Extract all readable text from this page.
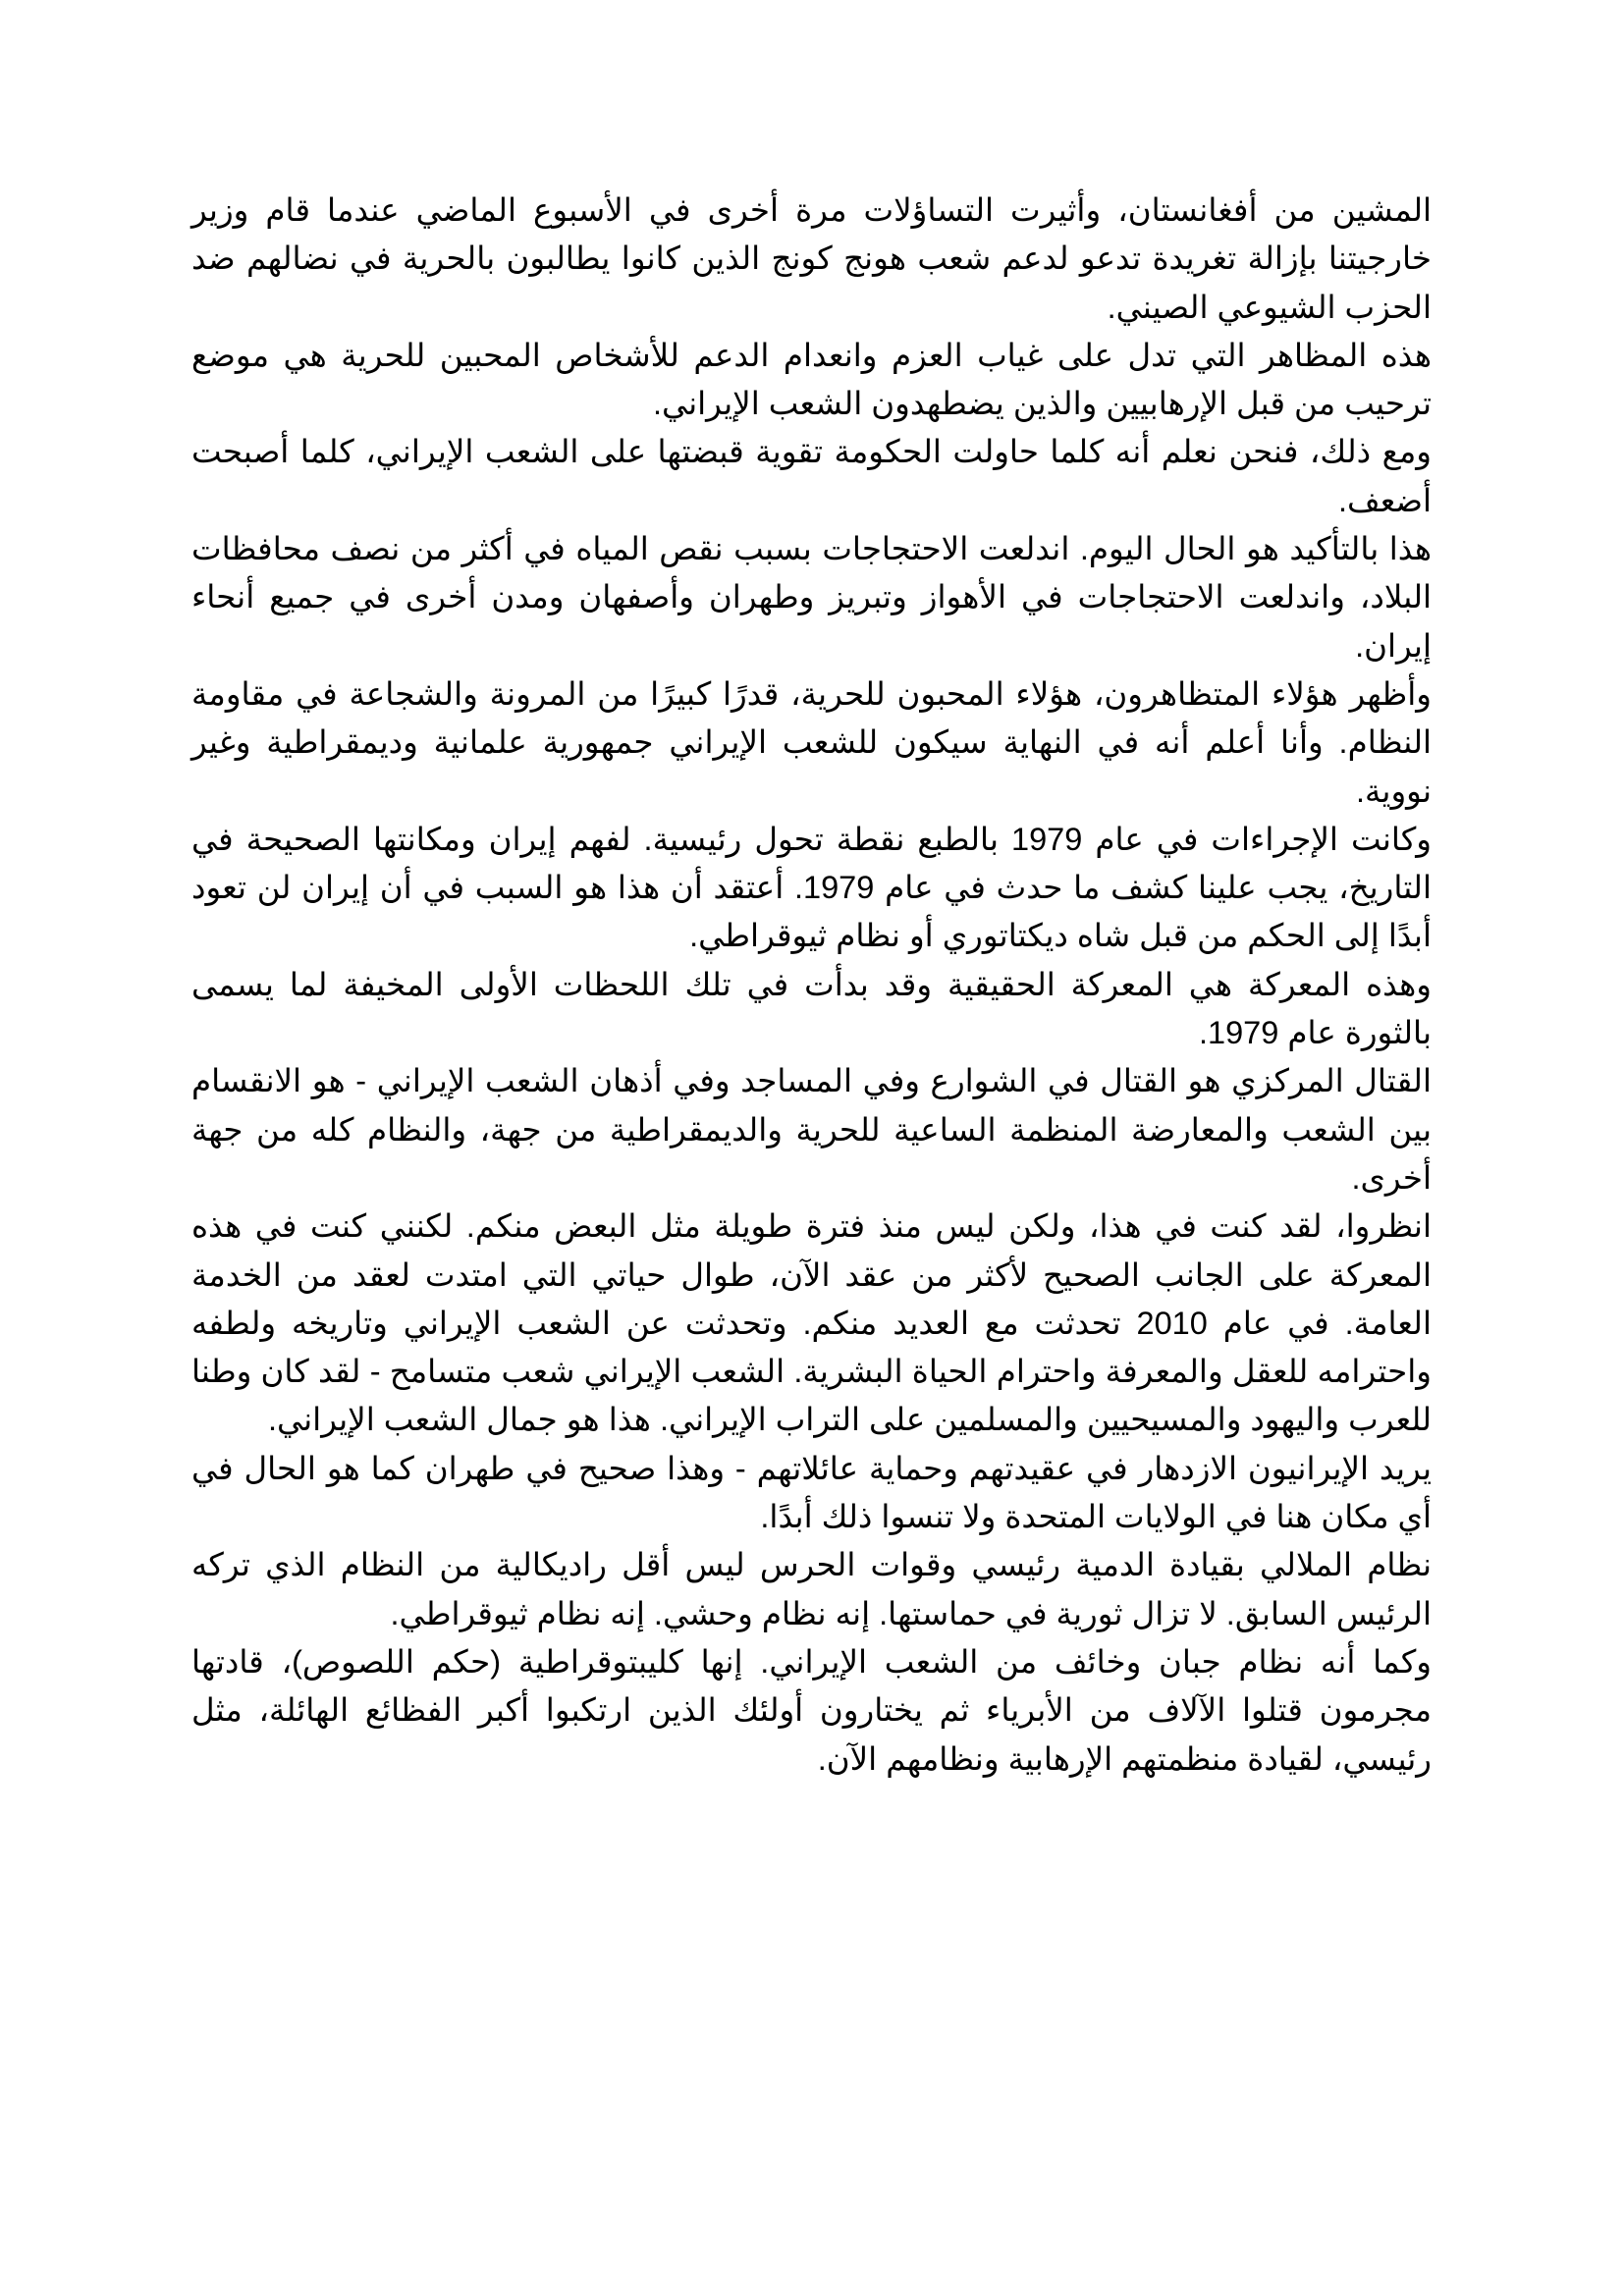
المشين من أفغانستان، وأثيرت التساؤلات مرة أخرى في الأسبوع الماضي عندما قام وزير خارجيتنا بإزالة تغريدة تدعو لدعم شعب هونج كونج الذين كانوا يطالبون بالحرية في نضالهم ضد الحزب الشيوعي الصيني.

هذه المظاهر التي تدل على غياب العزم وانعدام الدعم للأشخاص المحبين للحرية هي موضع ترحيب من قبل الإرهابيين والذين يضطهدون الشعب الإيراني.

ومع ذلك، فنحن نعلم أنه كلما حاولت الحكومة تقوية قبضتها على الشعب الإيراني، كلما أصبحت أضعف.

هذا بالتأكيد هو الحال اليوم. اندلعت الاحتجاجات بسبب نقص المياه في أكثر من نصف محافظات البلاد، واندلعت الاحتجاجات في الأهواز وتبريز وطهران وأصفهان ومدن أخرى في جميع أنحاء إيران.

وأظهر هؤلاء المتظاهرون، هؤلاء المحبون للحرية، قدرًا كبيرًا من المرونة والشجاعة في مقاومة النظام. وأنا أعلم أنه في النهاية سيكون للشعب الإيراني جمهورية علمانية وديمقراطية وغير نووية.

وكانت الإجراءات في عام 1979 بالطبع نقطة تحول رئيسية. لفهم إيران ومكانتها الصحيحة في التاريخ، يجب علينا كشف ما حدث في عام 1979. أعتقد أن هذا هو السبب في أن إيران لن تعود أبدًا إلى الحكم من قبل شاه ديكتاتوري أو نظام ثيوقراطي.

وهذه المعركة هي المعركة الحقيقية وقد بدأت في تلك اللحظات الأولى المخيفة لما يسمى بالثورة عام 1979.

القتال المركزي هو القتال في الشوارع وفي المساجد وفي أذهان الشعب الإيراني - هو الانقسام بين الشعب والمعارضة المنظمة الساعية للحرية والديمقراطية من جهة، والنظام كله من جهة أخرى.

انظروا، لقد كنت في هذا، ولكن ليس منذ فترة طويلة مثل البعض منكم. لكنني كنت في هذه المعركة على الجانب الصحيح لأكثر من عقد الآن، طوال حياتي التي امتدت لعقد من الخدمة العامة. في عام 2010 تحدثت مع العديد منكم. وتحدثت عن الشعب الإيراني وتاريخه ولطفه واحترامه للعقل والمعرفة واحترام الحياة البشرية. الشعب الإيراني شعب متسامح - لقد كان وطنا للعرب واليهود والمسيحيين والمسلمين على التراب الإيراني. هذا هو جمال الشعب الإيراني.

يريد الإيرانيون الازدهار في عقيدتهم وحماية عائلاتهم - وهذا صحيح في طهران كما هو الحال في أي مكان هنا في الولايات المتحدة ولا تنسوا ذلك أبدًا.

نظام الملالي بقيادة الدمية رئيسي وقوات الحرس ليس أقل راديكالية من النظام الذي تركه الرئيس السابق. لا تزال ثورية في حماستها. إنه نظام وحشي. إنه نظام ثيوقراطي.

وكما أنه نظام جبان وخائف من الشعب الإيراني. إنها كليبتوقراطية (حكم اللصوص)، قادتها مجرمون قتلوا الآلاف من الأبرياء ثم يختارون أولئك الذين ارتكبوا أكبر الفظائع الهائلة، مثل رئيسي، لقيادة منظمتهم الإرهابية ونظامهم الآن.
